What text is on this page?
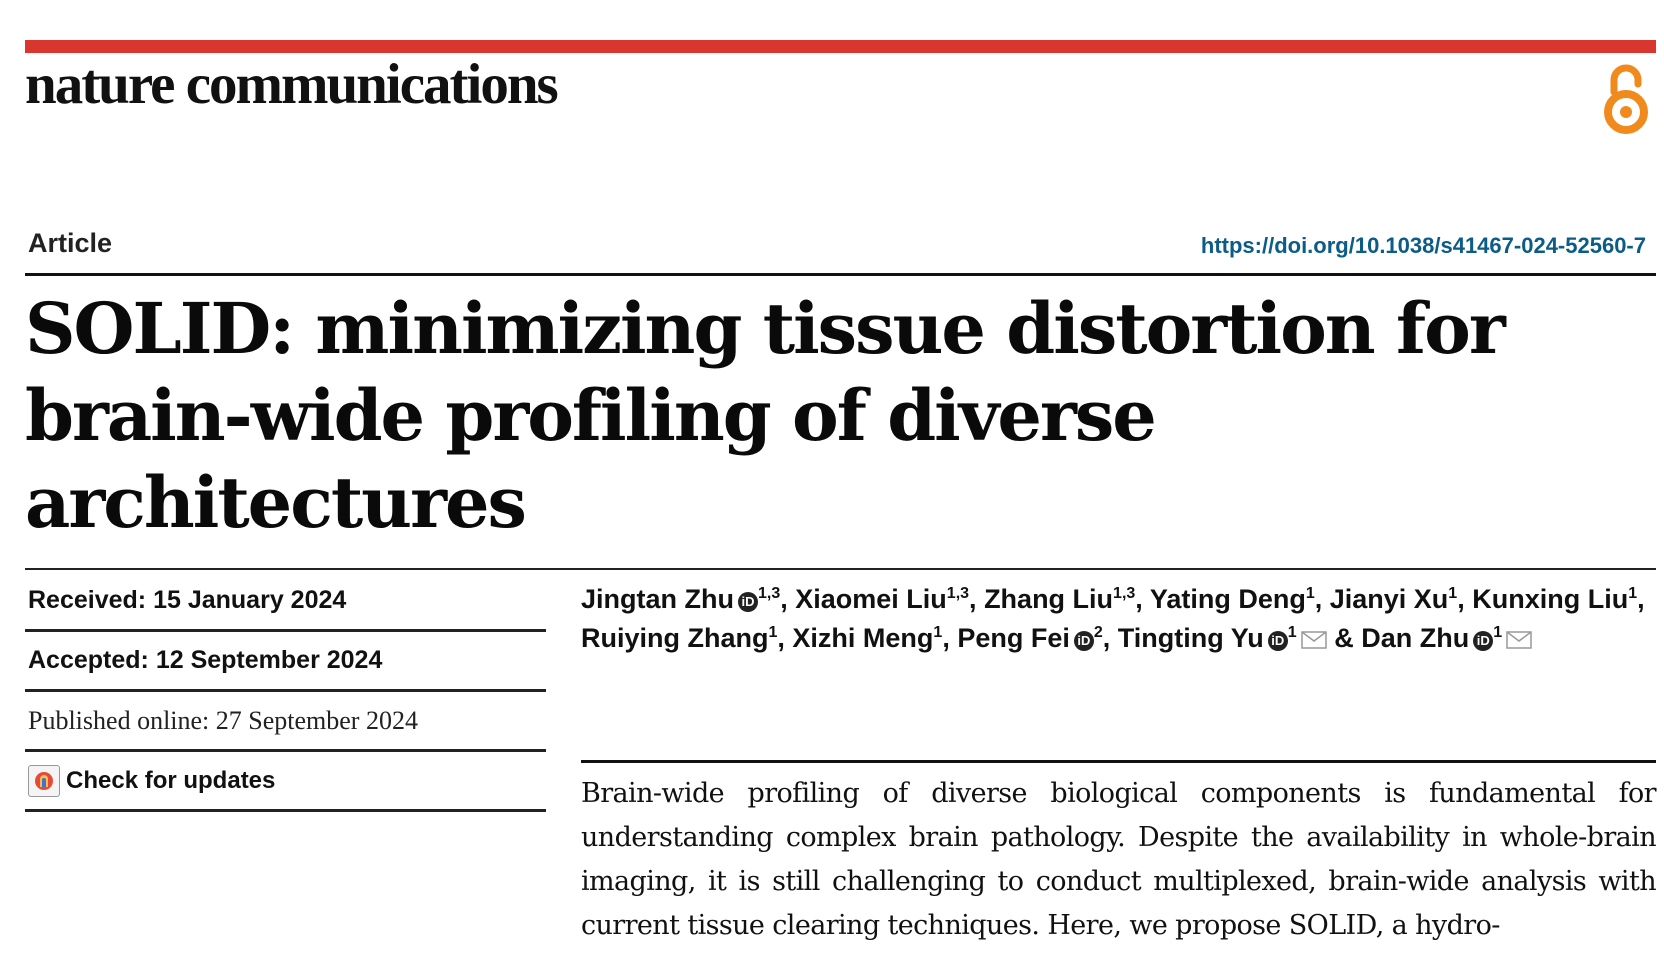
nature communications
Article	https://doi.org/10.1038/s41467-024-52560-7
SOLID: minimizing tissue distortion for brain-wide profiling of diverse architectures
Received:
15 January 2024
Accepted:
12 September 2024
Published online:
27 September 2024
Check for updates
Jingtan Zhu iD $^{1,3}$, Xiaomei Liu$^{1,3}$, Zhang Liu$^{1,3}$, Yating Deng$^1$, Jianyi Xu$^1$, Kunxing Liu$^1$, Ruiying Zhang$^1$, Xizhi Meng$^1$, Peng Fei iD $^2$, Tingting Yu iD $^1$ & Dan Zhu iD $^1$

Brain-wide profiling of diverse biological components is fundamental for understanding complex brain pathology. Despite the availability in whole-brain imaging, it is still challenging to conduct multiplexed, brain-wide analysis with current tissue clearing techniques. Here, we propose SOLID, a hydro-
